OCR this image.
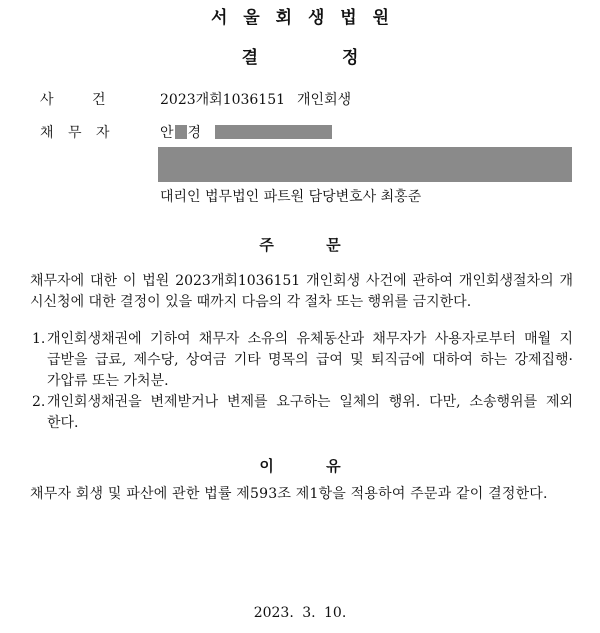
서 울 회 생 법 원
결 정
사 건	2023개회1036151 개인회생
채 무 자	안 경
대리인 법무법인 파트원 담당변호사 최홍준
주 문
채무자에 대한 이 법원 2023개회1036151 개인회생 사건에 관하여 개인회생절차의 개
시신청에 대한 결정이 있을 때까지 다음의 각 절차 또는 행위를 금지한다.
1. 개인회생채권에 기하여 채무자 소유의 유체동산과 채무자가 사용자로부터 매월 지
급받을 급료, 제수당, 상여금 기타 명목의 급여 및 퇴직금에 대하여 하는 강제집행·
가압류 또는 가처분.
2. 개인회생채권을 변제받거나 변제를 요구하는 일체의 행위. 다만, 소송행위를 제외
한다.
이 유
채무자 회생 및 파산에 관한 법률 제593조 제1항을 적용하여 주문과 같이 결정한다.
2023. 3. 10.
